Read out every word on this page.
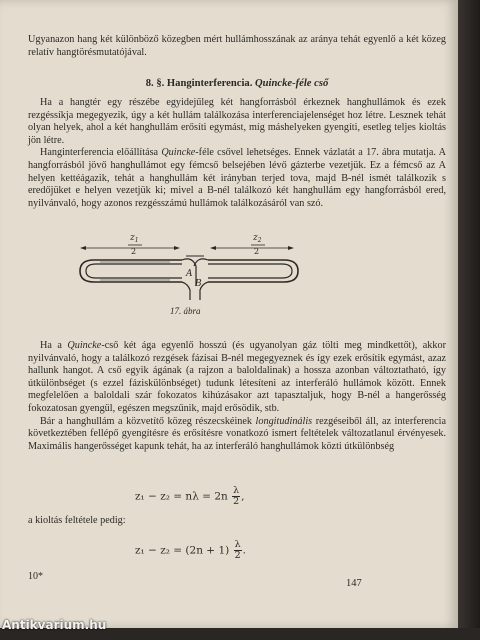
Ugyanazon hang két különböző közegben mért hullámhosszának az aránya tehát egyenlő a két közeg relatív hangtörésmutatójával.

8. §. Hanginterferencia. Quincke-féle cső

Ha a hangtér egy részébe egyidejűleg két hangforrásból érkeznek hanghullámok és ezek rezgéssíkja megegyezik, úgy a két hullám találkozása interferenciajelenséget hoz létre. Lesznek tehát olyan helyek, ahol a két hanghullám erősíti egymást, míg máshelyeken gyengíti, esetleg teljes kioltás jön létre.

Hanginterferencia előállítása Quincke-féle csővel lehetséges. Ennek vázlatát a 17. ábra mutatja. A hangforrásból jövő hanghullámot egy fémcső belsejében lévő gázterbe vezetjük. Ez a fémcső az A helyen kettéágazik, tehát a hanghullám két irányban terjed tova, majd B-nél ismét találkozik s eredőjüket e helyen vezetjük ki; mivel a B-nél találkozó két hanghullám egy hangforrásból ered, nyilvánvaló, hogy azonos rezgésszámú hullámok találkozásáról van szó.

$z_1$
2
$z_2$
2
A
B
17. ábra

Ha a Quincke-cső két ága egyenlő hosszú (és ugyanolyan gáz tölti meg mindkettőt), akkor nyilvánvaló, hogy a találkozó rezgések fázisai B-nél megegyeznek és így ezek erősítik egymást, azaz hallunk hangot. A cső egyik ágának (a rajzon a baloldalinak) a hossza azonban változtatható, így útkülönbséget (s ezzel fáziskülönbséget) tudunk létesíteni az interferáló hullámok között. Ennek megfelelően a baloldali szár fokozatos kihúzásakor azt tapasztaljuk, hogy B-nél a hangerősség fokozatosan gyengül, egészen megszűnik, majd erősödik, stb.

Bár a hanghullám a közvetítő közeg részecskéinek longitudinális rezgéseiből áll, az interferencia következtében fellépő gyengítésre és erősítésre vonatkozó ismert feltételek változatlanul érvényesek. Maximális hangerősséget kapunk tehát, ha az interferáló hanghullámok közti útkülönbség

$z_1 - z_2 = n\lambda = 2n \frac{\lambda}{2}$ ,

a kioltás feltétele pedig:

$z_1 - z_2 = (2n + 1) \frac{\lambda}{2}$ .
10*
147
Antikvarium.hu
